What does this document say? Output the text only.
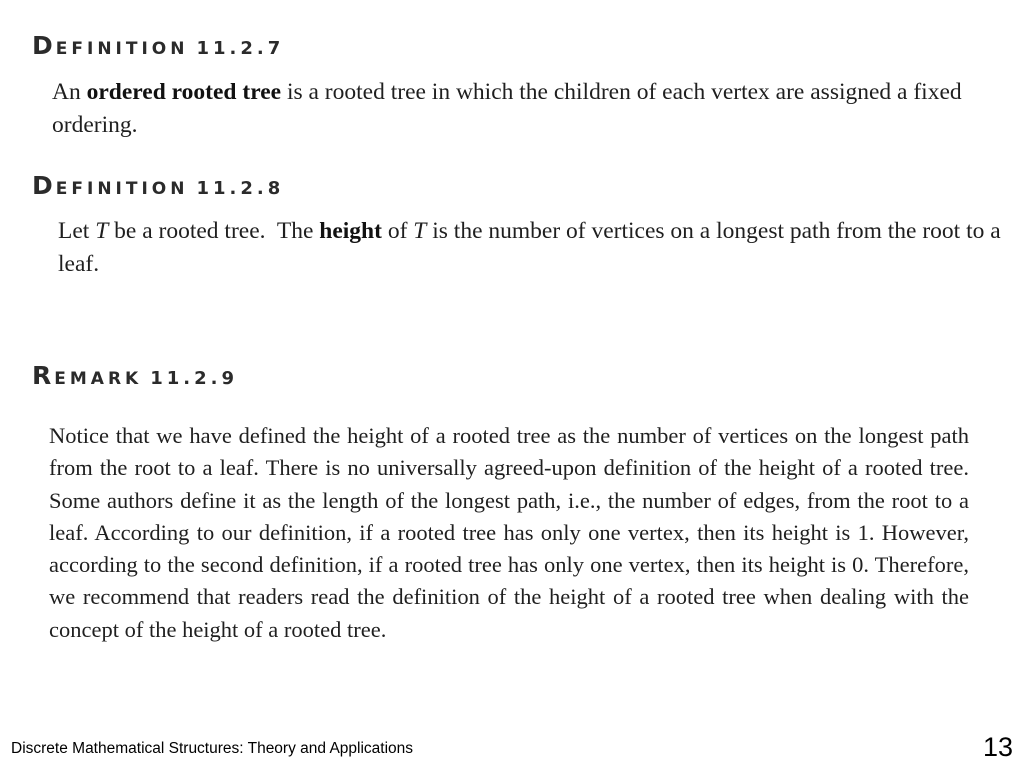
DEFINITION 11.2.7
An ordered rooted tree is a rooted tree in which the children of each vertex are assigned a fixed ordering.
DEFINITION 11.2.8
Let T be a rooted tree.  The height of T is the number of vertices on a longest path from the root to a leaf.
REMARK 11.2.9
Notice that we have defined the height of a rooted tree as the number of vertices on the longest path from the root to a leaf. There is no universally agreed-upon definition of the height of a rooted tree. Some authors define it as the length of the longest path, i.e., the number of edges, from the root to a leaf. According to our definition, if a rooted tree has only one vertex, then its height is 1. However, according to the second definition, if a rooted tree has only one vertex, then its height is 0. Therefore, we recommend that readers read the definition of the height of a rooted tree when dealing with the concept of the height of a rooted tree.
Discrete Mathematical Structures: Theory and Applications	13
